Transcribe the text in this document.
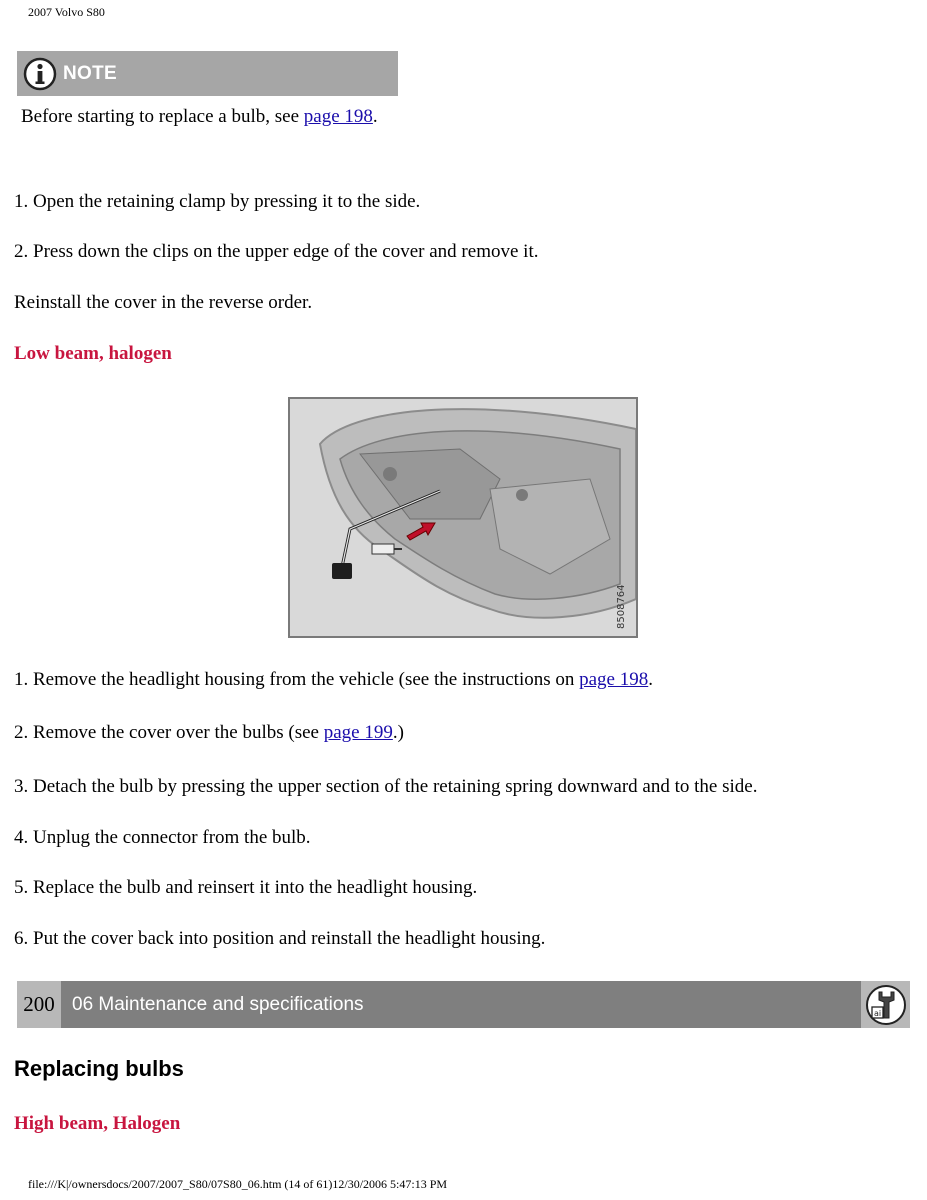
2007 Volvo S80
NOTE
Before starting to replace a bulb, see page 198.
1. Open the retaining clamp by pressing it to the side.
2. Press down the clips on the upper edge of the cover and remove it.
Reinstall the cover in the reverse order.
Low beam, halogen
8508764
1. Remove the headlight housing from the vehicle (see the instructions on page 198.
2. Remove the cover over the bulbs (see page 199.)
3. Detach the bulb by pressing the upper section of the retaining spring downward and to the side.
4. Unplug the connector from the bulb.
5. Replace the bulb and reinsert it into the headlight housing.
6. Put the cover back into position and reinstall the headlight housing.
200 06 Maintenance and specifications	ai
Replacing bulbs
High beam, Halogen
file:///K|/ownersdocs/2007/2007_S80/07S80_06.htm (14 of 61)12/30/2006 5:47:13 PM
